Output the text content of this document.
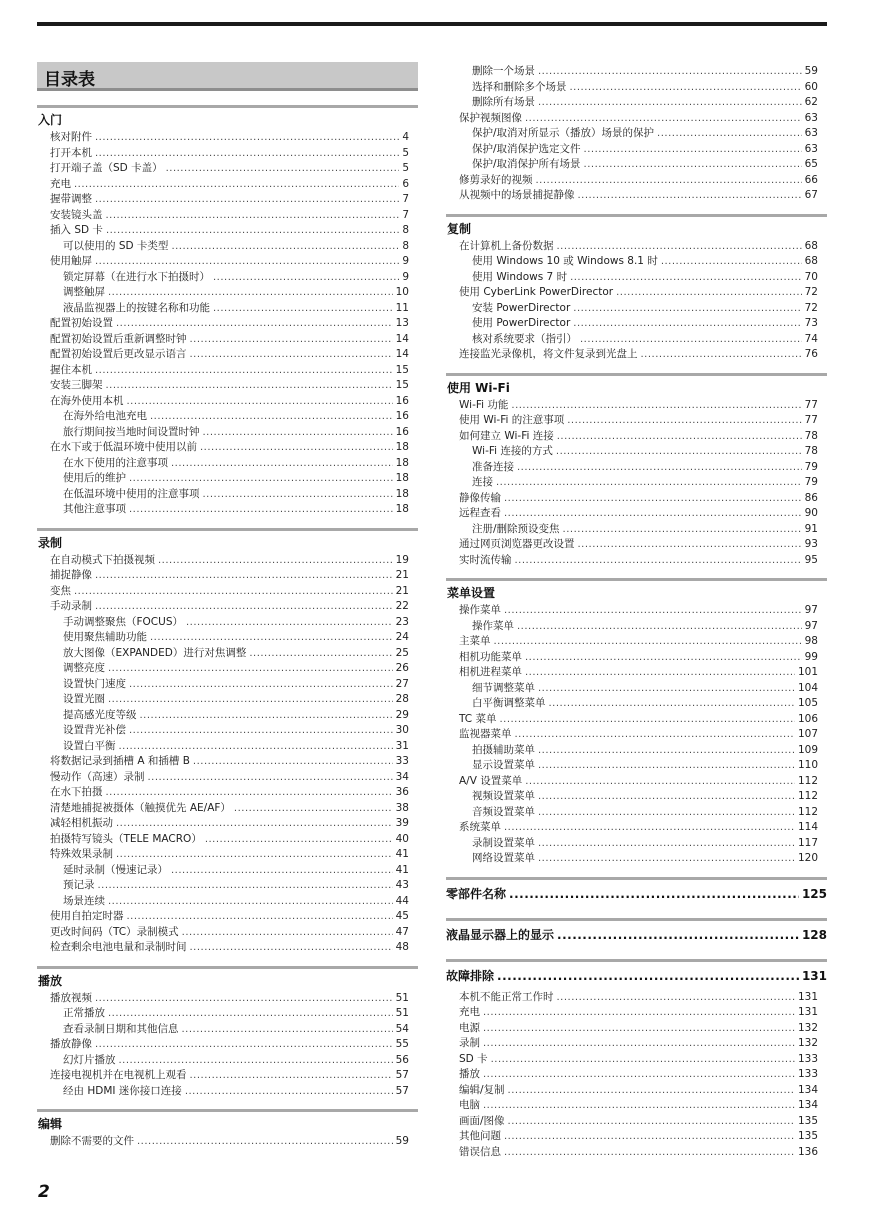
目录表
入门
核对附件 .....	4
打开本机 .....	5
打开端子盖（SD 卡盖） .....	5
充电 .....	6
握带调整 .....	7
安装镜头盖 .....	7
插入 SD 卡 .....	8
可以使用的 SD 卡类型 .....	8
使用触屏 .....	9
锁定屏幕（在进行水下拍摄时） .....	9
调整触屏 .....	10
液晶监视器上的按键名称和功能 .....	11
配置初始设置 .....	13
配置初始设置后重新调整时钟 .....	14
配置初始设置后更改显示语言 .....	14
握住本机 .....	15
安装三脚架 .....	15
在海外使用本机 .....	16
在海外给电池充电 .....	16
旅行期间按当地时间设置时钟 .....	16
在水下或于低温环境中使用以前 .....	18
在水下使用的注意事项 .....	18
使用后的维护 .....	18
在低温环境中使用的注意事项 .....	18
其他注意事项 .....	18
录制
在自动模式下拍摄视频 .....	19
捕捉静像 .....	21
变焦 .....	21
手动录制 .....	22
手动调整聚焦（FOCUS） .....	23
使用聚焦辅助功能 .....	24
放大图像（EXPANDED）进行对焦调整 .....	25
调整亮度 .....	26
设置快门速度 .....	27
设置光圈 .....	28
提高感光度等级 .....	29
设置背光补偿 .....	30
设置白平衡 .....	31
将数据记录到插槽 A 和插槽 B .....	33
慢动作（高速）录制 .....	34
在水下拍摄 .....	36
清楚地捕捉被摄体（触摸优先 AE/AF） .....	38
减轻相机振动 .....	39
拍摄特写镜头（TELE MACRO） .....	40
特殊效果录制 .....	41
延时录制（慢速记录） .....	41
预记录 .....	43
场景连续 .....	44
使用自拍定时器 .....	45
更改时间码（TC）录制模式 .....	47
检查剩余电池电量和录制时间 .....	48
播放
播放视频 .....	51
正常播放 .....	51
查看录制日期和其他信息 .....	54
播放静像 .....	55
幻灯片播放 .....	56
连接电视机并在电视机上观看 .....	57
经由 HDMI 迷你接口连接 .....	57
编辑
删除不需要的文件 .....	59
删除一个场景 .....	59
选择和删除多个场景 .....	60
删除所有场景 .....	62
保护视频图像 .....	63
保护/取消对所显示（播放）场景的保护 .....	63
保护/取消保护选定文件 .....	63
保护/取消保护所有场景 .....	65
修剪录好的视频 .....	66
从视频中的场景捕捉静像 .....	67
复制
在计算机上备份数据 .....	68
使用 Windows 10 或 Windows 8.1 时 .....	68
使用 Windows 7 时 .....	70
使用 CyberLink PowerDirector .....	72
安装 PowerDirector .....	72
使用 PowerDirector .....	73
核对系统要求（指引） .....	74
连接监光录像机，将文件复录到光盘上 .....	76
使用 Wi-Fi
Wi-Fi 功能 .....	77
使用 Wi-Fi 的注意事项 .....	77
如何建立 Wi-Fi 连接 .....	78
Wi-Fi 连接的方式 .....	78
准备连接 .....	79
连接 .....	79
静像传输 .....	86
远程查看 .....	90
注册/删除预设变焦 .....	91
通过网页浏览器更改设置 .....	93
实时流传输 .....	95
菜单设置
操作菜单 .....	97
操作菜单 .....	97
主菜单 .....	98
相机功能菜单 .....	99
相机进程菜单 .....	101
细节调整菜单 .....	104
白平衡调整菜单 .....	105
TC 菜单 .....	106
监视器菜单 .....	107
拍摄辅助菜单 .....	109
显示设置菜单 .....	110
A/V 设置菜单 .....	112
视频设置菜单 .....	112
音频设置菜单 .....	112
系统菜单 .....	114
录制设置菜单 .....	117
网络设置菜单 .....	120
零部件名称 .....	125
液晶显示器上的显示 .....	128
故障排除 .....	131
本机不能正常工作时 .....	131
充电 .....	131
电源 .....	132
录制 .....	132
SD 卡 .....	133
播放 .....	133
编辑/复制 .....	134
电脑 .....	134
画面/图像 .....	135
其他问题 .....	135
错误信息 .....	136
2
